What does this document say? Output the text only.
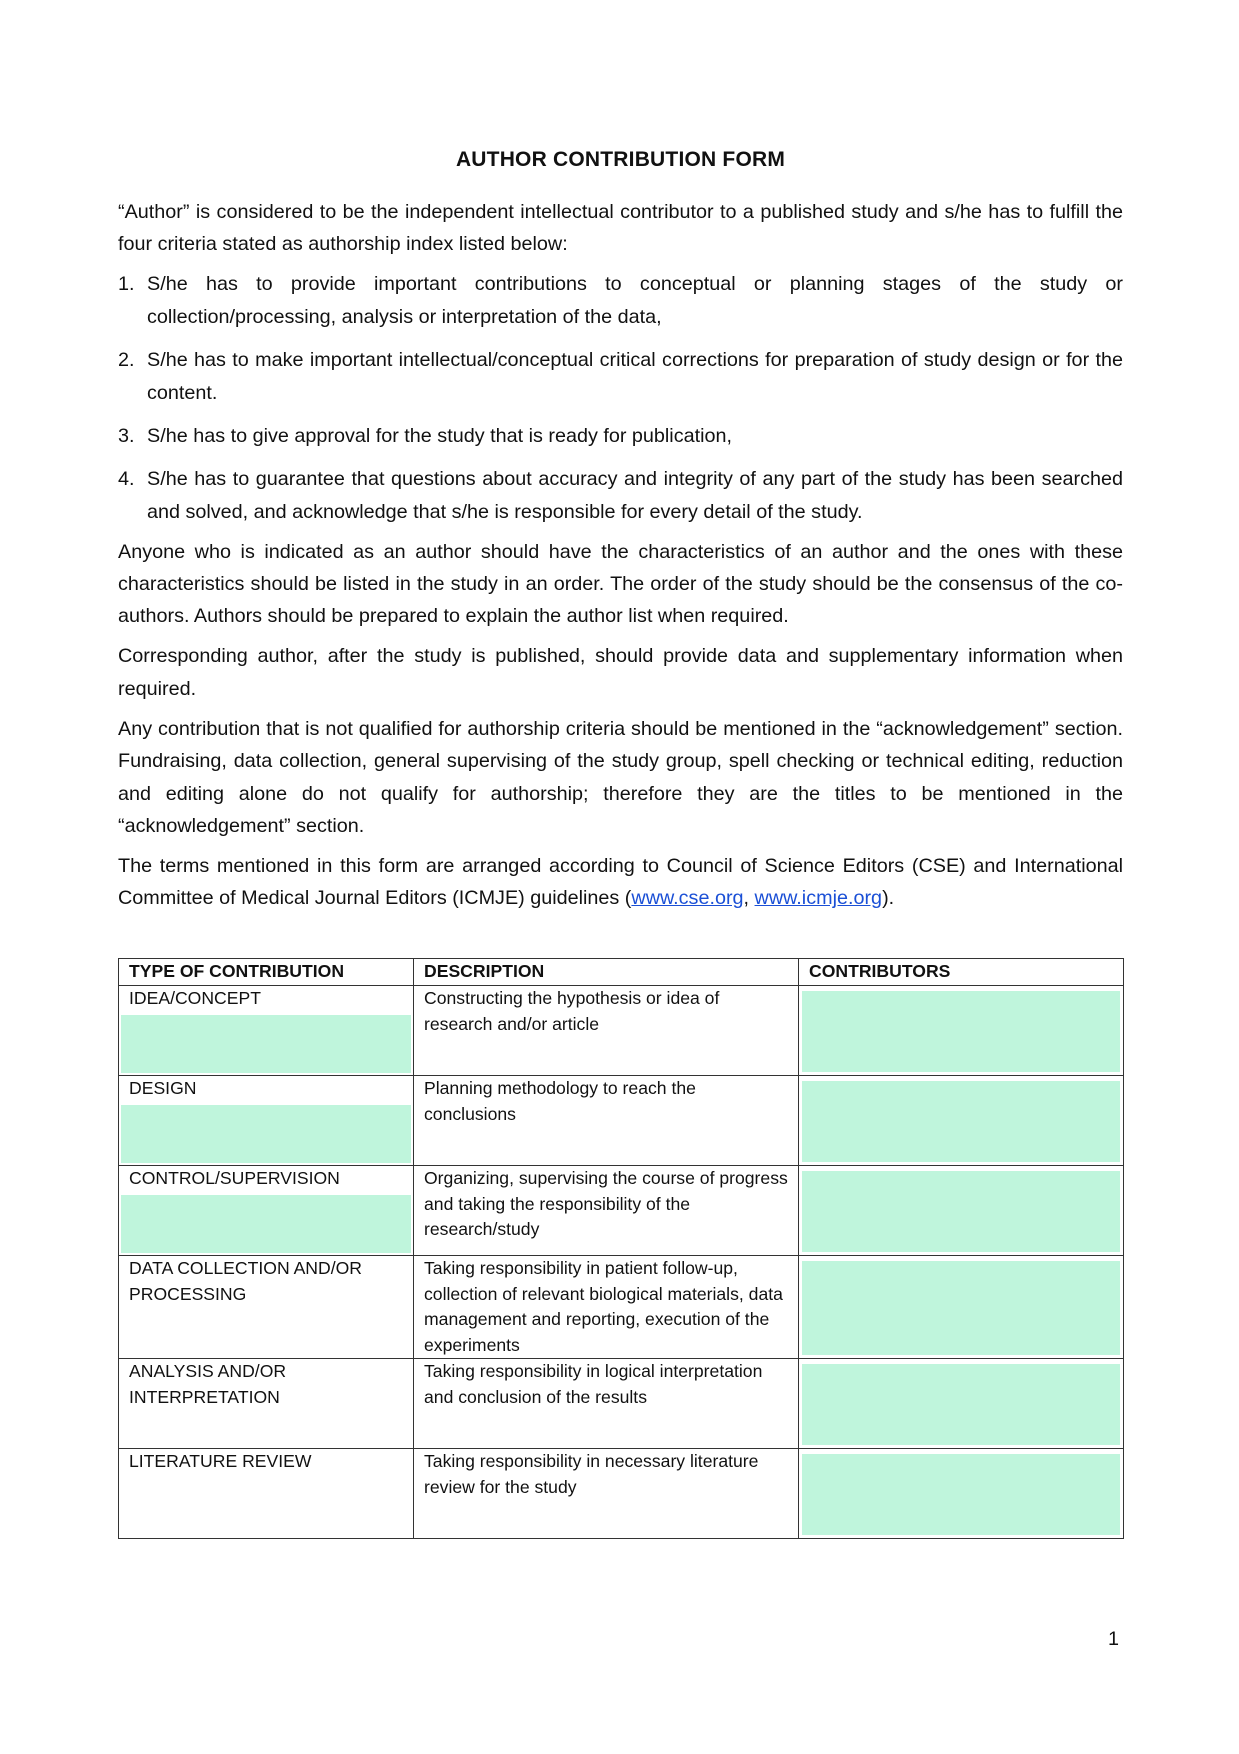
AUTHOR CONTRIBUTION FORM

“Author” is considered to be the independent intellectual contributor to a published study and s/he has to fulfill the four criteria stated as authorship index listed below:

1. S/he has to provide important contributions to conceptual or planning stages of the study or collection/processing, analysis or interpretation of the data,
2. S/he has to make important intellectual/conceptual critical corrections for preparation of study design or for the content.
3. S/he has to give approval for the study that is ready for publication,
4. S/he has to guarantee that questions about accuracy and integrity of any part of the study has been searched and solved, and acknowledge that s/he is responsible for every detail of the study.

Anyone who is indicated as an author should have the characteristics of an author and the ones with these characteristics should be listed in the study in an order. The order of the study should be the consensus of the co-authors. Authors should be prepared to explain the author list when required.

Corresponding author, after the study is published, should provide data and supplementary information when required.

Any contribution that is not qualified for authorship criteria should be mentioned in the “acknowledgement” section. Fundraising, data collection, general supervising of the study group, spell checking or technical editing, reduction and editing alone do not qualify for authorship; therefore they are the titles to be mentioned in the “acknowledgement” section.

The terms mentioned in this form are arranged according to Council of Science Editors (CSE) and International Committee of Medical Journal Editors (ICMJE) guidelines (www.cse.org, www.icmje.org).

TYPE OF CONTRIBUTION	DESCRIPTION	CONTRIBUTORS

IDEA/CONCEPT	Constructing the hypothesis or idea of research and/or article	

DESIGN	Planning methodology to reach the conclusions	

CONTROL/SUPERVISION	Organizing, supervising the course of progress and taking the responsibility of the research/study	

DATA COLLECTION AND/OR PROCESSING	Taking responsibility in patient follow-up, collection of relevant biological materials, data management and reporting, execution of the experiments	

ANALYSIS AND/OR INTERPRETATION	Taking responsibility in logical interpretation and conclusion of the results	

LITERATURE REVIEW	Taking responsibility in necessary literature review for the study	
1
